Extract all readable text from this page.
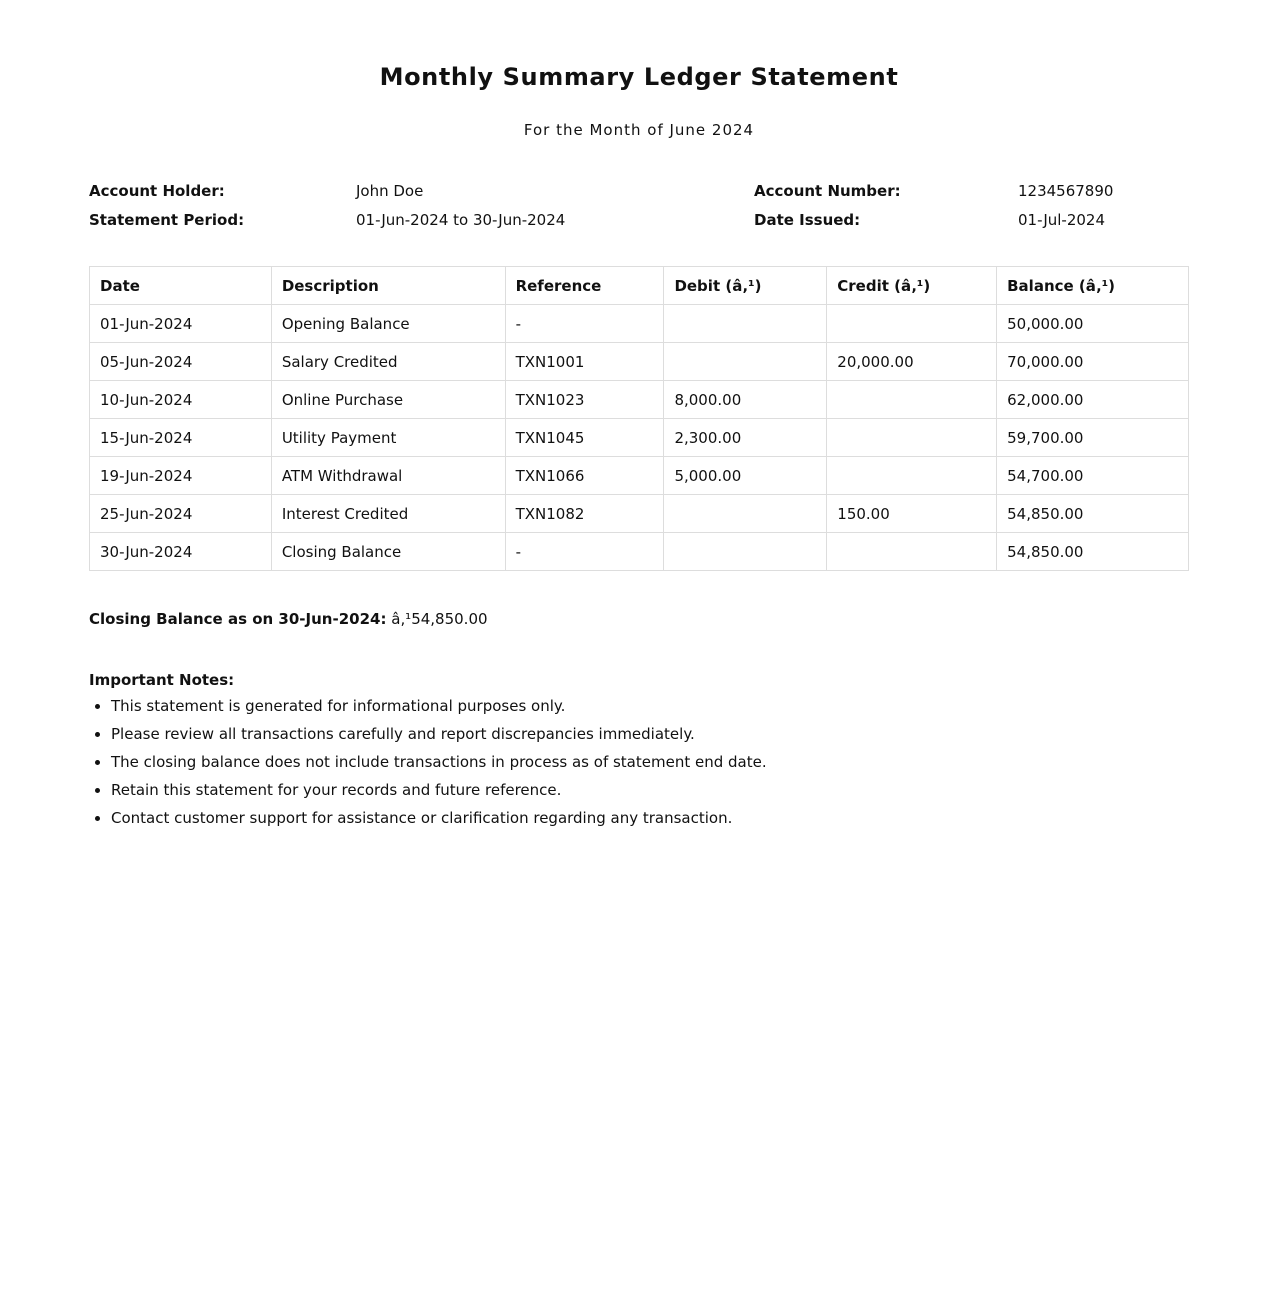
Monthly Summary Ledger Statement

For the Month of June 2024

Account Holder:	John Doe
Statement Period:	01-Jun-2024 to 30-Jun-2024
Account Number:	1234567890
Date Issued:	01-Jul-2024
Date	Description	Reference	Debit (â‚¹)	Credit (â‚¹)	Balance (â‚¹)
01-Jun-2024	Opening Balance	-			50,000.00
05-Jun-2024	Salary Credited	TXN1001		20,000.00	70,000.00
10-Jun-2024	Online Purchase	TXN1023	8,000.00		62,000.00
15-Jun-2024	Utility Payment	TXN1045	2,300.00		59,700.00
19-Jun-2024	ATM Withdrawal	TXN1066	5,000.00		54,700.00
25-Jun-2024	Interest Credited	TXN1082		150.00	54,850.00
30-Jun-2024	Closing Balance	-			54,850.00
Closing Balance as on 30-Jun-2024: â‚¹54,850.00
Important Notes:
• This statement is generated for informational purposes only.
• Please review all transactions carefully and report discrepancies immediately.
• The closing balance does not include transactions in process as of statement end date.
• Retain this statement for your records and future reference.
• Contact customer support for assistance or clarification regarding any transaction.
